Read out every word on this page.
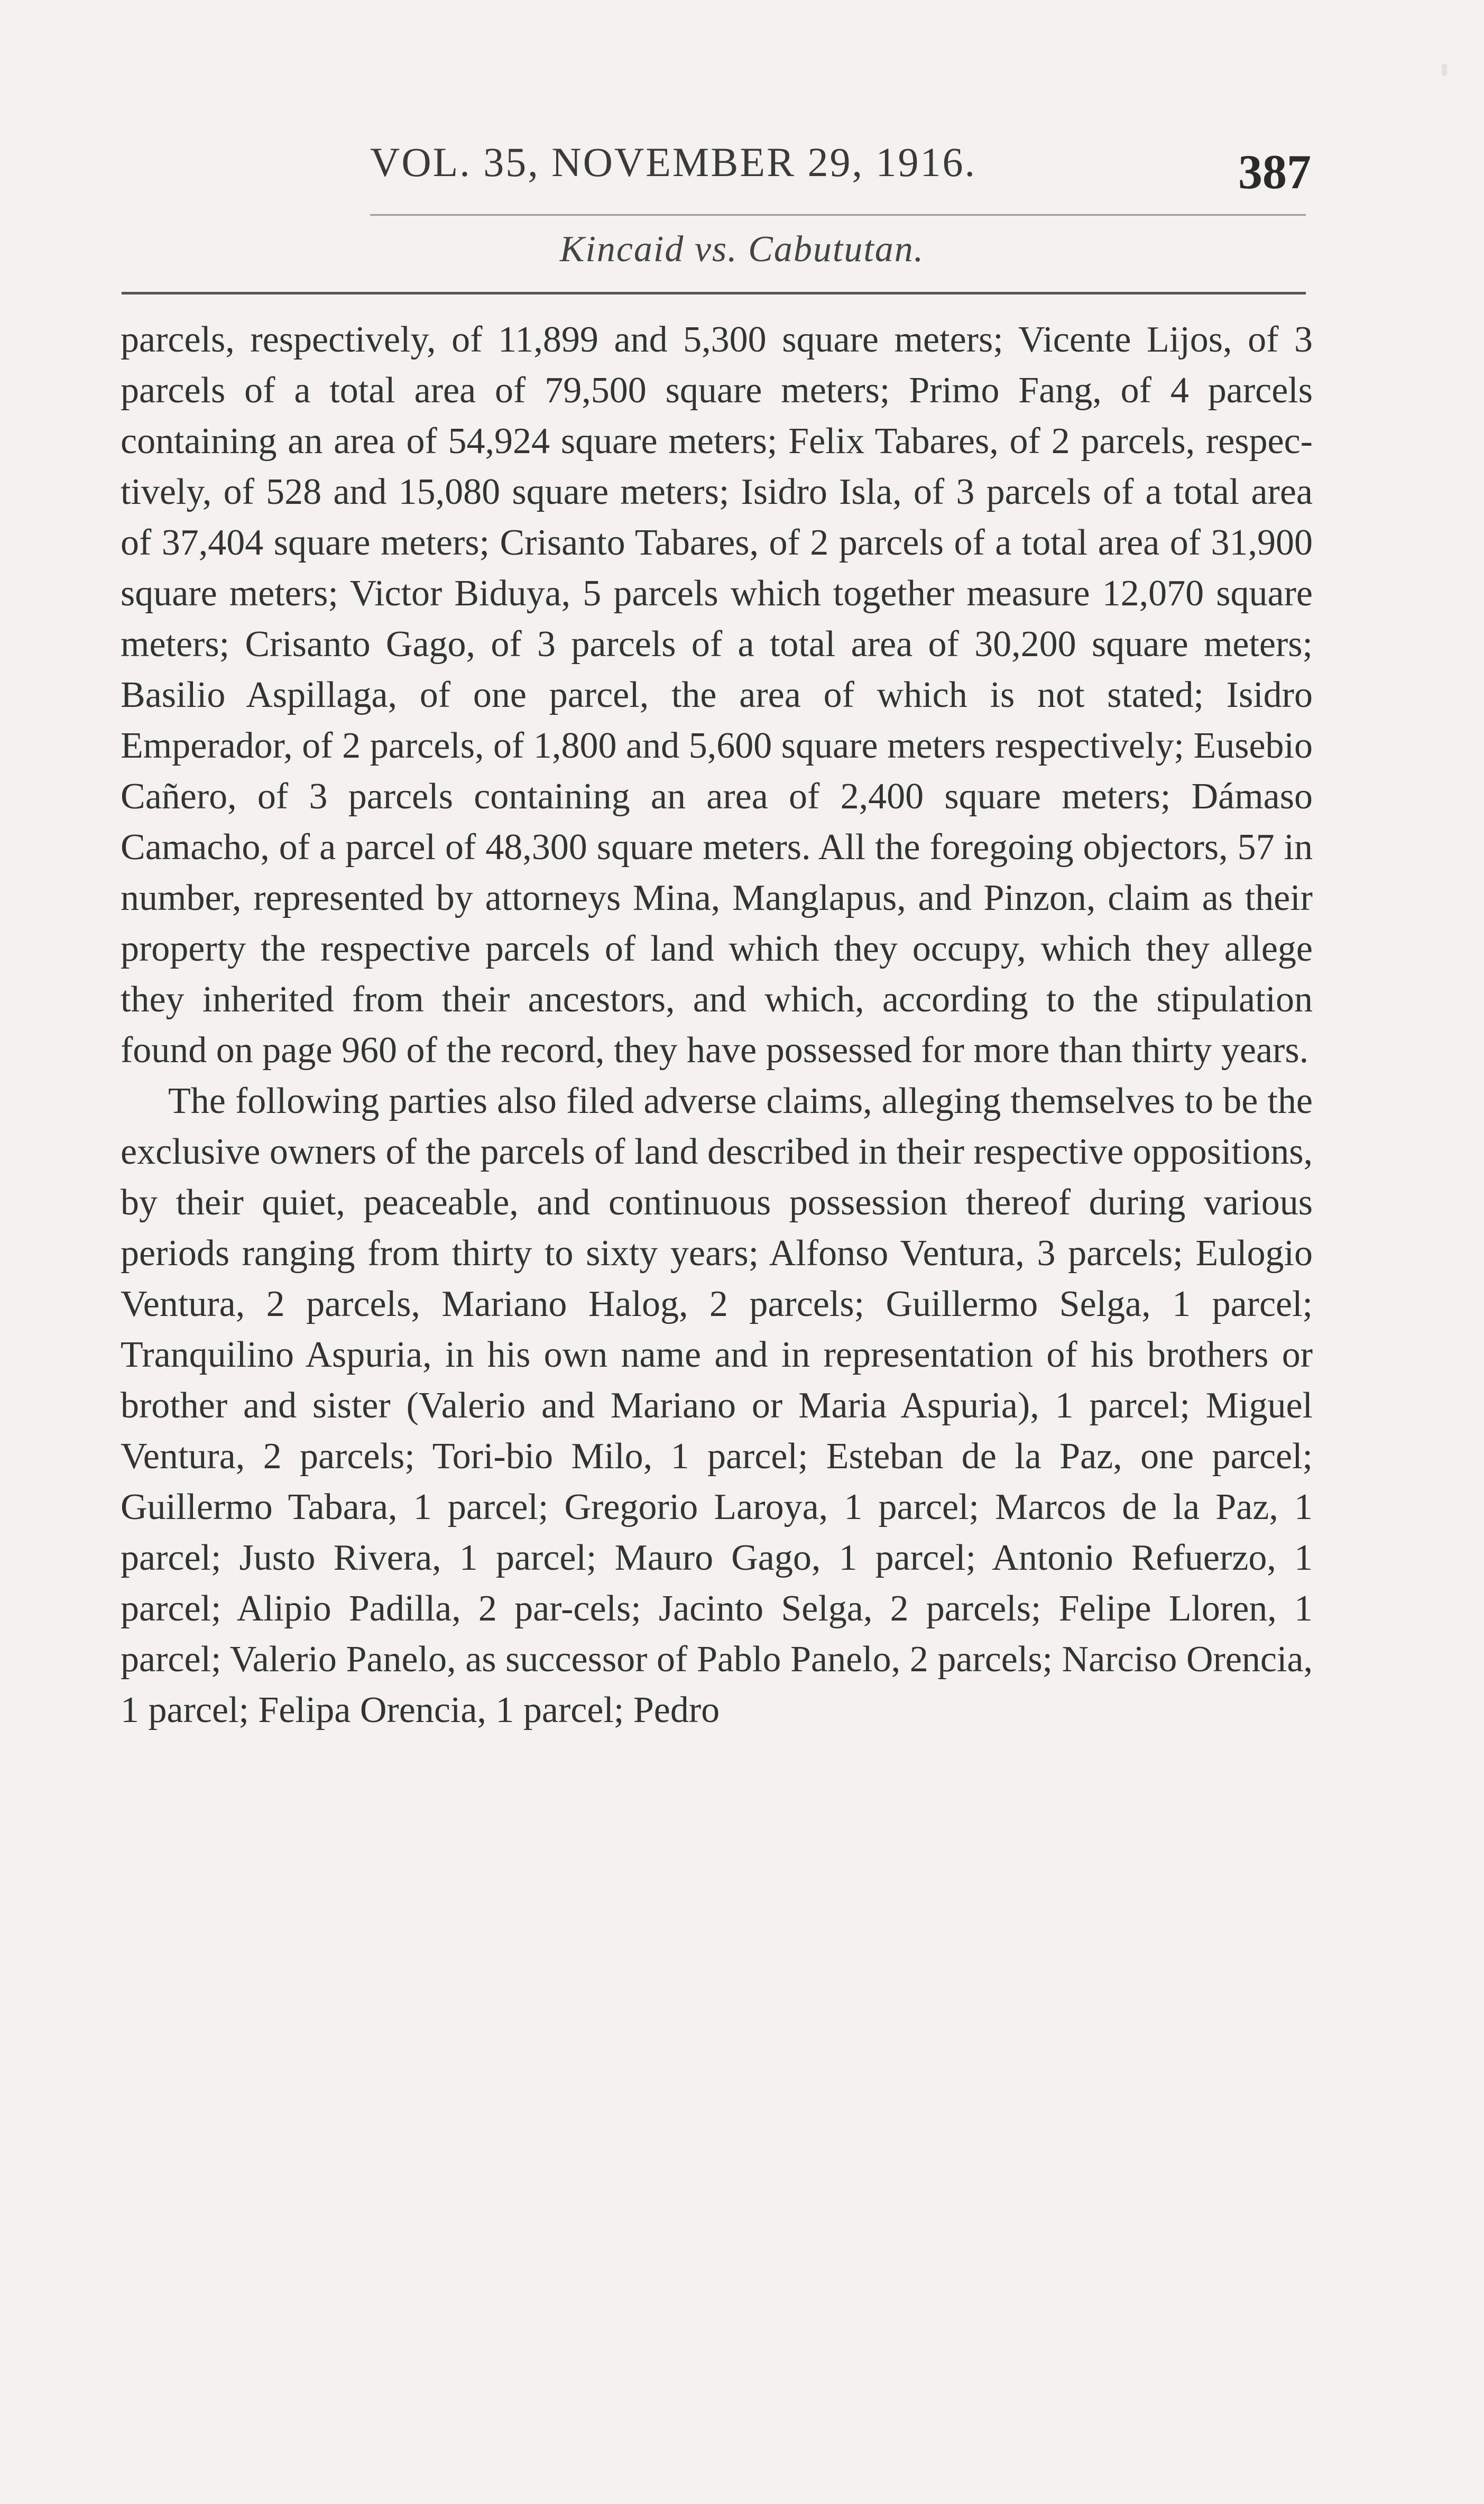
VOL. 35, NOVEMBER 29, 1916.	387
Kincaid vs. Cabututan.

parcels, respectively, of 11,899 and 5,300 square meters; Vicente Lijos, of 3 parcels of a total area of 79,500 square meters; Primo Fang, of 4 parcels containing an area of 54,924 square meters; Felix Tabares, of 2 parcels, respec-tively, of 528 and 15,080 square meters; Isidro Isla, of 3 parcels of a total area of 37,404 square meters; Crisanto Tabares, of 2 parcels of a total area of 31,900 square meters; Victor Biduya, 5 parcels which together measure 12,070 square meters; Crisanto Gago, of 3 parcels of a total area of 30,200 square meters; Basilio Aspillaga, of one parcel, the area of which is not stated; Isidro Emperador, of 2 parcels, of 1,800 and 5,600 square meters respectively; Eusebio Cañero, of 3 parcels containing an area of 2,400 square meters; Dámaso Camacho, of a parcel of 48,300 square meters. All the foregoing objectors, 57 in number, represented by attorneys Mina, Manglapus, and Pinzon, claim as their property the respective parcels of land which they occupy, which they allege they inherited from their ancestors, and which, according to the stipulation found on page 960 of the record, they have possessed for more than thirty years.

The following parties also filed adverse claims, alleging themselves to be the exclusive owners of the parcels of land described in their respective oppositions, by their quiet, peaceable, and continuous possession thereof during various periods ranging from thirty to sixty years; Alfonso Ventura, 3 parcels; Eulogio Ventura, 2 parcels, Mariano Halog, 2 parcels; Guillermo Selga, 1 parcel; Tranquilino Aspuria, in his own name and in representation of his brothers or brother and sister (Valerio and Mariano or Maria Aspuria), 1 parcel; Miguel Ventura, 2 parcels; Tori-bio Milo, 1 parcel; Esteban de la Paz, one parcel; Guillermo Tabara, 1 parcel; Gregorio Laroya, 1 parcel; Marcos de la Paz, 1 parcel; Justo Rivera, 1 parcel; Mauro Gago, 1 parcel; Antonio Refuerzo, 1 parcel; Alipio Padilla, 2 par-cels; Jacinto Selga, 2 parcels; Felipe Lloren, 1 parcel; Valerio Panelo, as successor of Pablo Panelo, 2 parcels; Narciso Orencia, 1 parcel; Felipa Orencia, 1 parcel; Pedro
